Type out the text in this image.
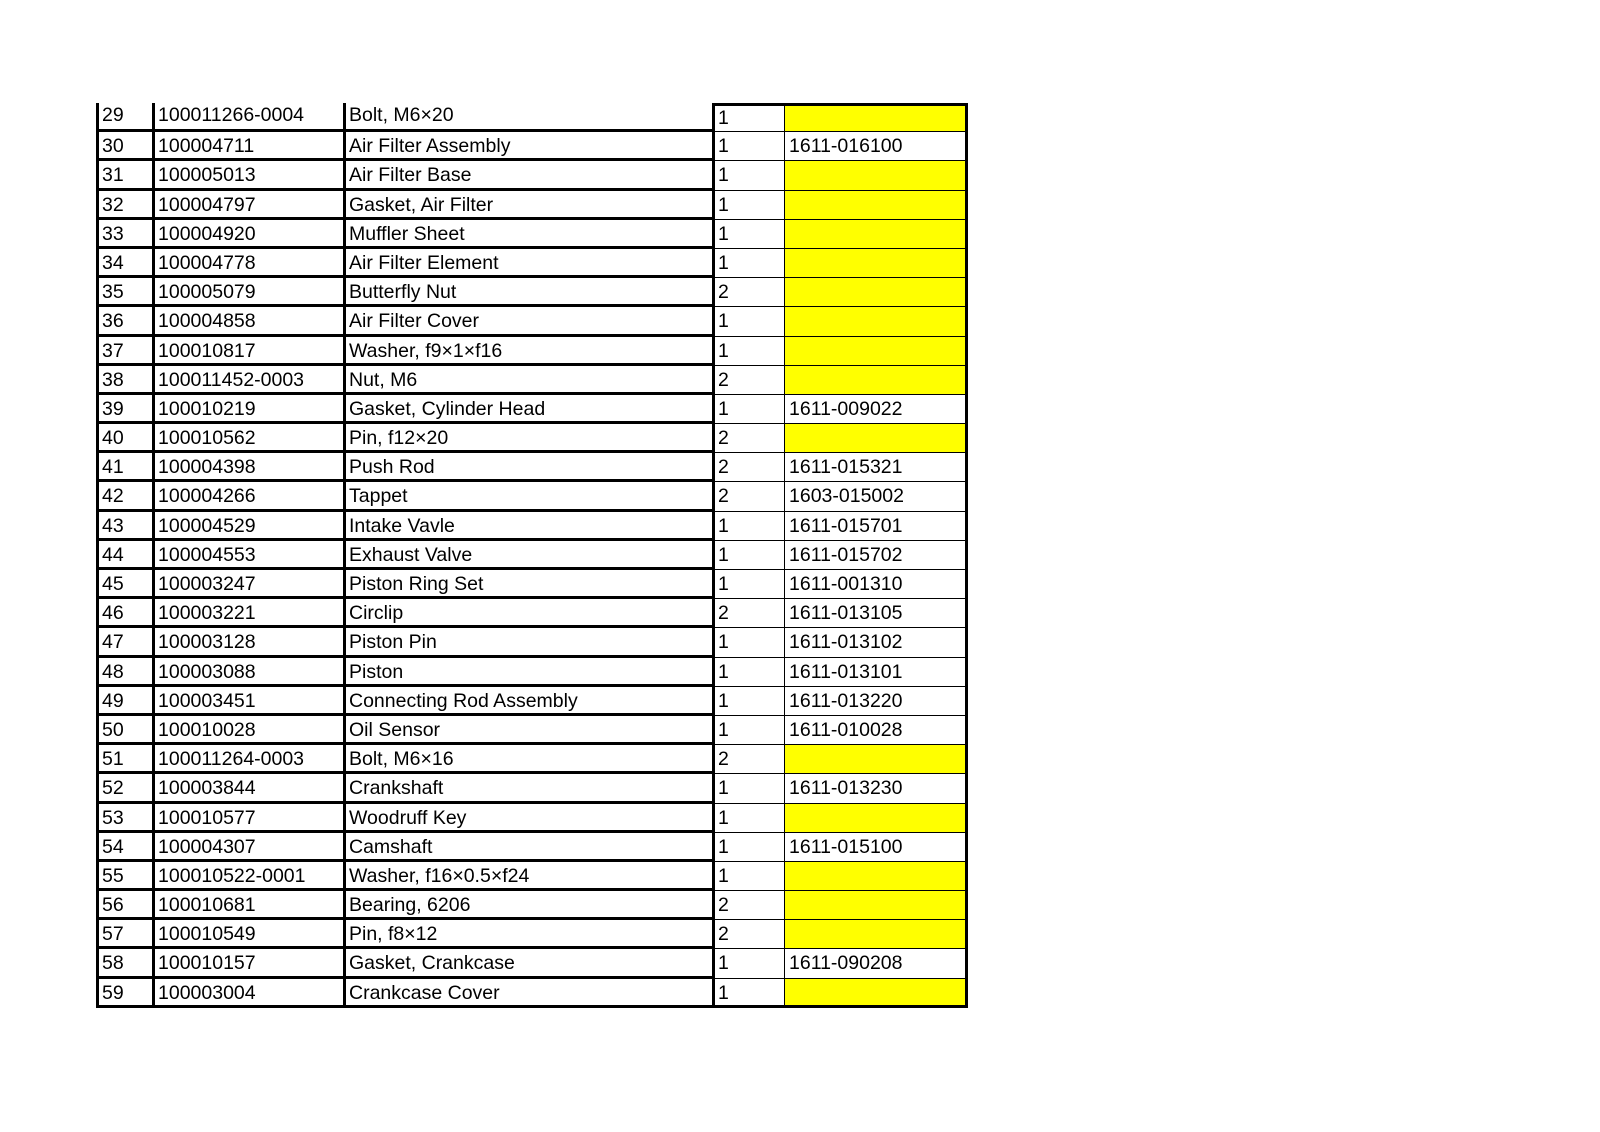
29	100011266-0004	Bolt, M6×20	1
30	100004711	Air Filter Assembly	1	1611-016100
31	100005013	Air Filter Base	1
32	100004797	Gasket, Air Filter	1
33	100004920	Muffler Sheet	1
34	100004778	Air Filter Element	1
35	100005079	Butterfly Nut	2
36	100004858	Air Filter Cover	1
37	100010817	Washer, f9×1×f16	1
38	100011452-0003	Nut, M6	2
39	100010219	Gasket, Cylinder Head	1	1611-009022
40	100010562	Pin, f12×20	2
41	100004398	Push Rod	2	1611-015321
42	100004266	Tappet	2	1603-015002
43	100004529	Intake Vavle	1	1611-015701
44	100004553	Exhaust Valve	1	1611-015702
45	100003247	Piston Ring Set	1	1611-001310
46	100003221	Circlip	2	1611-013105
47	100003128	Piston Pin	1	1611-013102
48	100003088	Piston	1	1611-013101
49	100003451	Connecting Rod Assembly	1	1611-013220
50	100010028	Oil Sensor	1	1611-010028
51	100011264-0003	Bolt, M6×16	2
52	100003844	Crankshaft	1	1611-013230
53	100010577	Woodruff Key	1
54	100004307	Camshaft	1	1611-015100
55	100010522-0001	Washer, f16×0.5×f24	1
56	100010681	Bearing, 6206	2
57	100010549	Pin, f8×12	2
58	100010157	Gasket, Crankcase	1	1611-090208
59	100003004	Crankcase Cover	1
